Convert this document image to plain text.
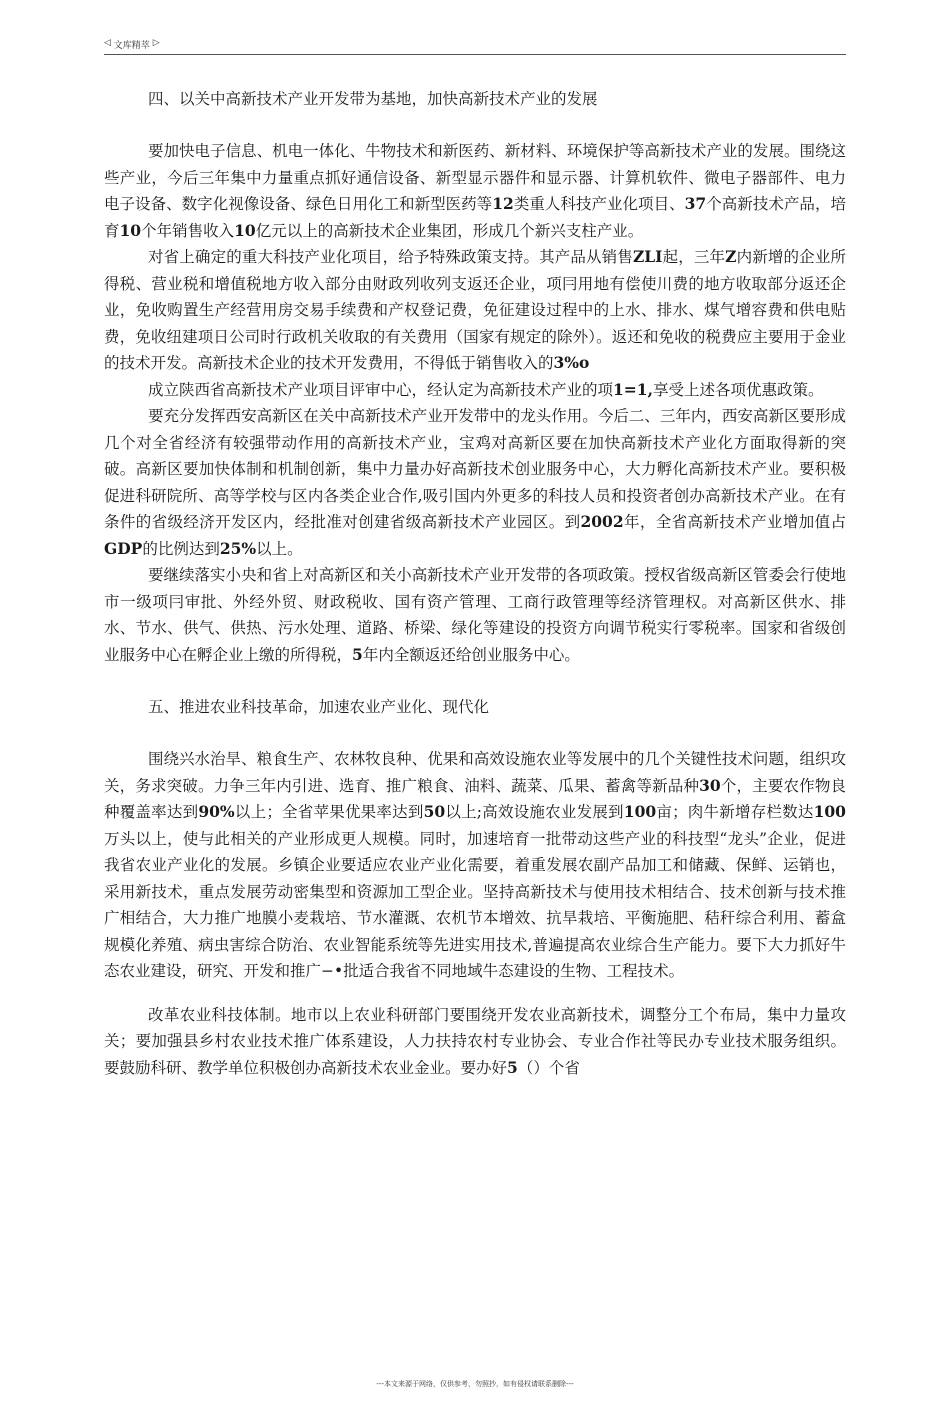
◁ 文库精萃 ▷

四、以关中高新技术产业开发带为基地，加快高新技术产业的发展

要加快电子信息、机电一体化、牛物技术和新医药、新材料、环境保护等高新技术产业的发展。围绕这些产业，今后三年集中力量重点抓好通信设备、新型显示器件和显示器、计算机软件、微电子器部件、电力电子设备、数字化视像设备、绿色日用化工和新型医药等12类重人科技产业化项目、37个高新技术产品，培育10个年销售收入10亿元以上的高新技术企业集团，形成几个新兴支柱产业。

对省上确定的重大科技产业化项目，给予特殊政策支持。其产品从销售ZLI起，三年Z内新增的企业所得税、营业税和增值税地方收入部分由财政列收列支返还企业，项冃用地有偿使川费的地方收取部分返还企业，免收购置生产经营用房交易手续费和产权登记费，免征建设过程中的上水、排水、煤气增容费和供电贴费，免收纽建项日公司时行政机关收取的有关费用（国家有规定的除外）。返还和免收的税费应主要用于金业的技术开发。高新技术企业的技术开发费用，不得低于销售收入的3%o

成立陕西省高新技术产业项目评审中心，经认定为高新技术产业的项1=1,享受上述各项优惠政策。

要充分发挥西安高新区在关中高新技术产业开发带中的龙头作用。今后二、三年内，西安高新区要形成几个对全省经济有较强带动作用的高新技术产业，宝鸡对高新区要在加快高新技术产业化方面取得新的突破。高新区要加快体制和机制创新，集中力量办好高新技术创业服务中心，大力孵化高新技术产业。要积极促进科研院所、高等学校与区内各类企业合作,吸引国内外更多的科技人员和投资者创办高新技术产业。在有条件的省级经济开发区内，经批准对创建省级高新技术产业园区。到2002年，全省高新技术产业增加值占GDP的比例达到25%以上。

要继续落实小央和省上对高新区和关小高新技术产业开发带的各项政策。授权省级高新区管委会行使地市一级项冃审批、外经外贸、财政税收、国有资产管理、工商行政管理等经济管理权。对高新区供水、排水、节水、供气、供热、污水处理、道路、桥梁、绿化等建设的投资方向调节税实行零税率。国家和省级创业服务中心在孵企业上缴的所得税，5年内全额返还给创业服务中心。

五、推进农业科技革命，加速农业产业化、现代化

围绕兴水治旱、粮食生产、农林牧良种、优果和高效设施农业等发展中的几个关键性技术问题，组织攻关，务求突破。力争三年内引进、选育、推广粮食、油料、蔬菜、瓜果、蓄禽等新品种30个，主要农作物良种覆盖率达到90%以上；全省苹果优果率达到50以上;高效设施农业发展到100亩；肉牛新增存栏数达100万头以上，使与此相关的产业形成更人规模。同时，加速培育一批带动这些产业的科技型“龙头”企业，促进我省农业产业化的发展。乡镇企业要适应农业产业化需要，着重发展农副产品加工和储藏、保鲜、运销也，采用新技术，重点发展劳动密集型和资源加工型企业。坚持高新技术与使用技术相结合、技术创新与技术推广相结合，大力推广地膜小麦栽培、节水灌溉、农机节本增效、抗旱栽培、平衡施肥、秸秆综合利用、蓄盒规模化养殖、病虫害综合防治、农业智能系统等先进实用技术,普遍提高农业综合生产能力。要下大力抓好牛态农业建设，研究、开发和推广−•批适合我省不同地域牛态建设的生物、工程技术。

改革农业科技体制。地市以上农业科研部门要围绕开发农业高新技术，调整分工个布局，集中力量攻关；要加强县乡村农业技术推广体系建设，人力扶持农村专业协会、专业合作社等民办专业技术服务组织。要鼓励科研、教学单位积极创办高新技术农业金业。要办好5（）个省

---本文来源于网络，仅供参考，勿照抄，如有侵权请联系删除---
